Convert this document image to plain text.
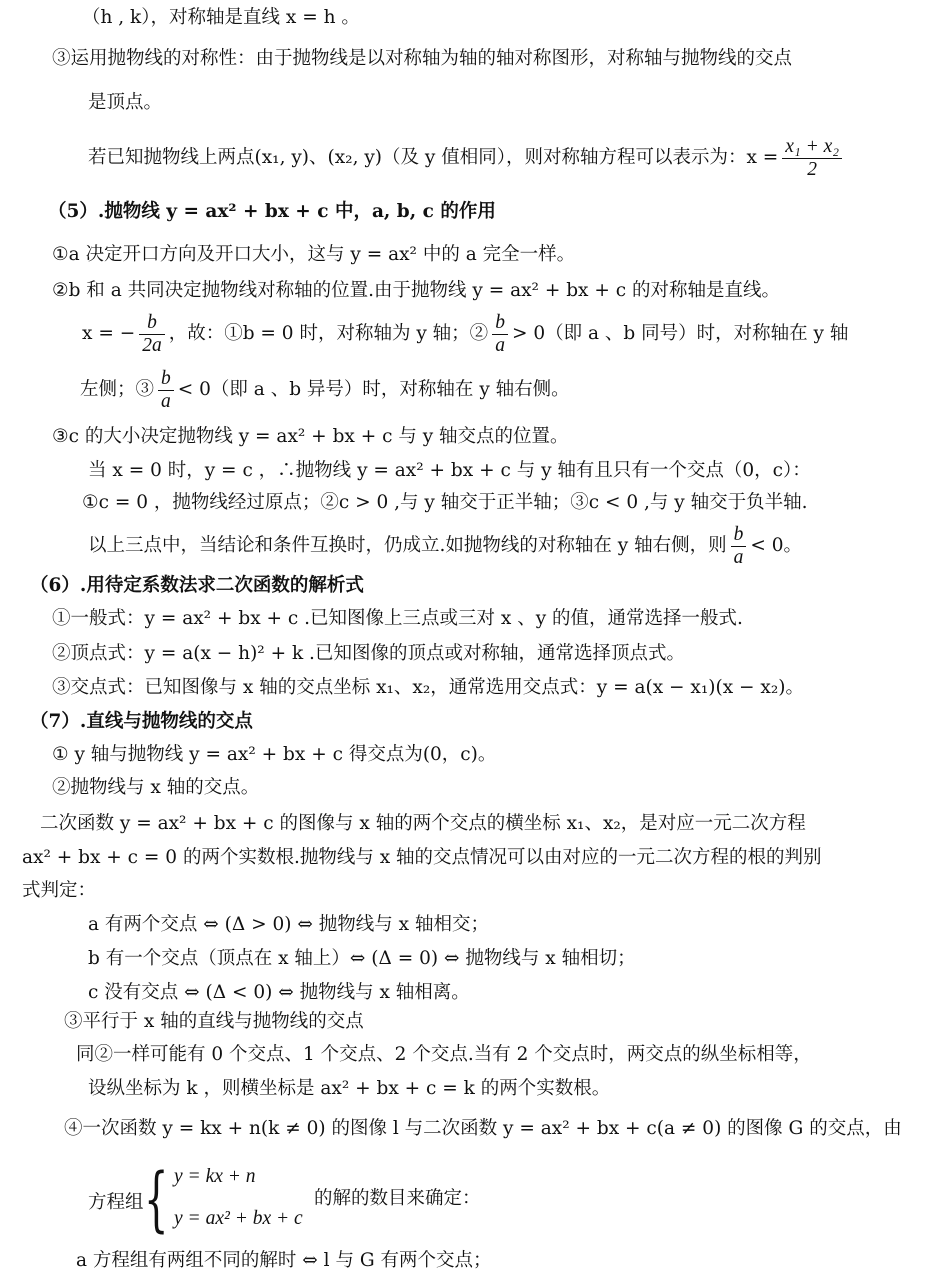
（h , k），对称轴是直线 x = h 。
③运用抛物线的对称性：由于抛物线是以对称轴为轴的轴对称图形，对称轴与抛物线的交点
是顶点。
若已知抛物线上两点(x₁, y)、(x₂, y)（及 y 值相同），则对称轴方程可以表示为：$x = \frac{\text{x₁ + x₂}}{2}$
（5）.抛物线 y = ax² + bx + c 中，a, b, c 的作用
①a 决定开口方向及开口大小，这与 y = ax² 中的 a 完全一样。
②b 和 a 共同决定抛物线对称轴的位置.由于抛物线 y = ax² + bx + c 的对称轴是直线。
x = − $\frac{b}{2a}$ ，故：①b = 0 时，对称轴为 y 轴；② $\frac{b}{a} > 0$（即 a 、b 同号）时，对称轴在 y 轴
左侧；③ $\frac{b}{a} < 0$（即 a 、b 异号）时，对称轴在 y 轴右侧。
③c 的大小决定抛物线 y = ax² + bx + c 与 y 轴交点的位置。
当 x = 0 时，y = c ，∴抛物线 y = ax² + bx + c 与 y 轴有且只有一个交点（0，c）：
①c = 0 ，抛物线经过原点；②c > 0 ,与 y 轴交于正半轴；③c < 0 ,与 y 轴交于负半轴.
以上三点中，当结论和条件互换时，仍成立.如抛物线的对称轴在 y 轴右侧，则 $\frac{b}{a} < 0$。
（6）.用待定系数法求二次函数的解析式
①一般式：y = ax² + bx + c .已知图像上三点或三对 x 、y 的值，通常选择一般式.
②顶点式：y = a(x − h)² + k .已知图像的顶点或对称轴，通常选择顶点式。
③交点式：已知图像与 x 轴的交点坐标 x₁、x₂，通常选用交点式：y = a(x − x₁)(x − x₂)。
（7）.直线与抛物线的交点
① y 轴与抛物线 y = ax² + bx + c 得交点为(0，c)。
②抛物线与 x 轴的交点。
二次函数 y = ax² + bx + c 的图像与 x 轴的两个交点的横坐标 x₁、x₂，是对应一元二次方程
ax² + bx + c = 0 的两个实数根.抛物线与 x 轴的交点情况可以由对应的一元二次方程的根的判别
式判定：
a 有两个交点 ⇔ (Δ > 0) ⇔ 抛物线与 x 轴相交；
b 有一个交点（顶点在 x 轴上）⇔ (Δ = 0) ⇔ 抛物线与 x 轴相切；
c 没有交点 ⇔ (Δ < 0) ⇔ 抛物线与 x 轴相离。
③平行于 x 轴的直线与抛物线的交点
同②一样可能有 0 个交点、1 个交点、2 个交点.当有 2 个交点时，两交点的纵坐标相等，
设纵坐标为 k ，则横坐标是 ax² + bx + c = k 的两个实数根。
④一次函数 y = kx + n(k ≠ 0) 的图像 l 与二次函数 y = ax² + bx + c(a ≠ 0) 的图像 G 的交点，由
方程组 { y = kx + n
y = ax² + bx + c
的解的数目来确定：
a 方程组有两组不同的解时 ⇔ l 与 G 有两个交点；
